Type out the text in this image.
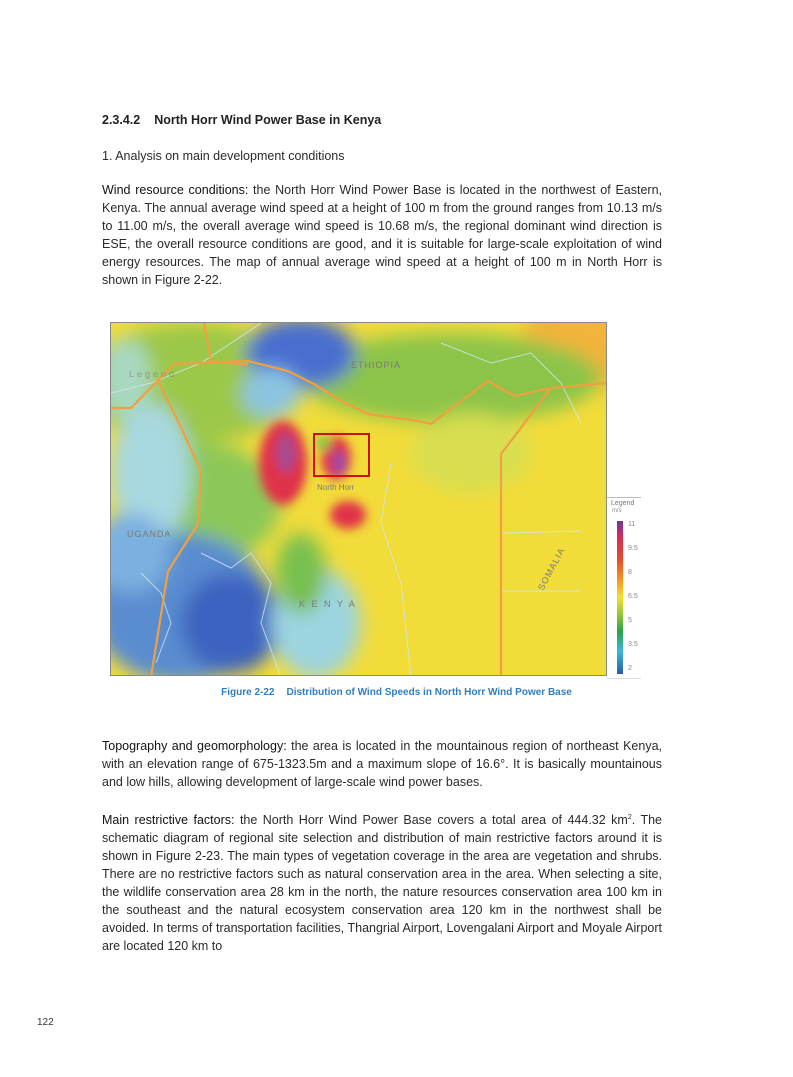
2.3.4.2 North Horr Wind Power Base in Kenya
1. Analysis on main development conditions
Wind resource conditions: the North Horr Wind Power Base is located in the northwest of Eastern, Kenya. The annual average wind speed at a height of 100 m from the ground ranges from 10.13 m/s to 11.00 m/s, the overall average wind speed is 10.68 m/s, the regional dominant wind direction is ESE, the overall resource conditions are good, and it is suitable for large-scale exploitation of wind energy resources. The map of annual average wind speed at a height of 100 m in North Horr is shown in Figure 2-22.
North Horr
Legend
ETHIOPIA
UGANDA
K E N Y A
SOMALIA
Legend
m/s
11
9.5
8
6.5
5
3.5
2
Figure 2-22 Distribution of Wind Speeds in North Horr Wind Power Base
Topography and geomorphology: the area is located in the mountainous region of northeast Kenya, with an elevation range of 675-1323.5m and a maximum slope of 16.6°. It is basically mountainous and low hills, allowing development of large-scale wind power bases.
Main restrictive factors: the North Horr Wind Power Base covers a total area of 444.32 $km^2$. The schematic diagram of regional site selection and distribution of main restrictive factors around it is shown in Figure 2-23. The main types of vegetation coverage in the area are vegetation and shrubs. There are no restrictive factors such as natural conservation area in the area. When selecting a site, the wildlife conservation area 28 km in the north, the nature resources conservation area 100 km in the southeast and the natural ecosystem conservation area 120 km in the northwest shall be avoided. In terms of transportation facilities, Thangrial Airport, Lovengalani Airport and Moyale Airport are located 120 km to
122
